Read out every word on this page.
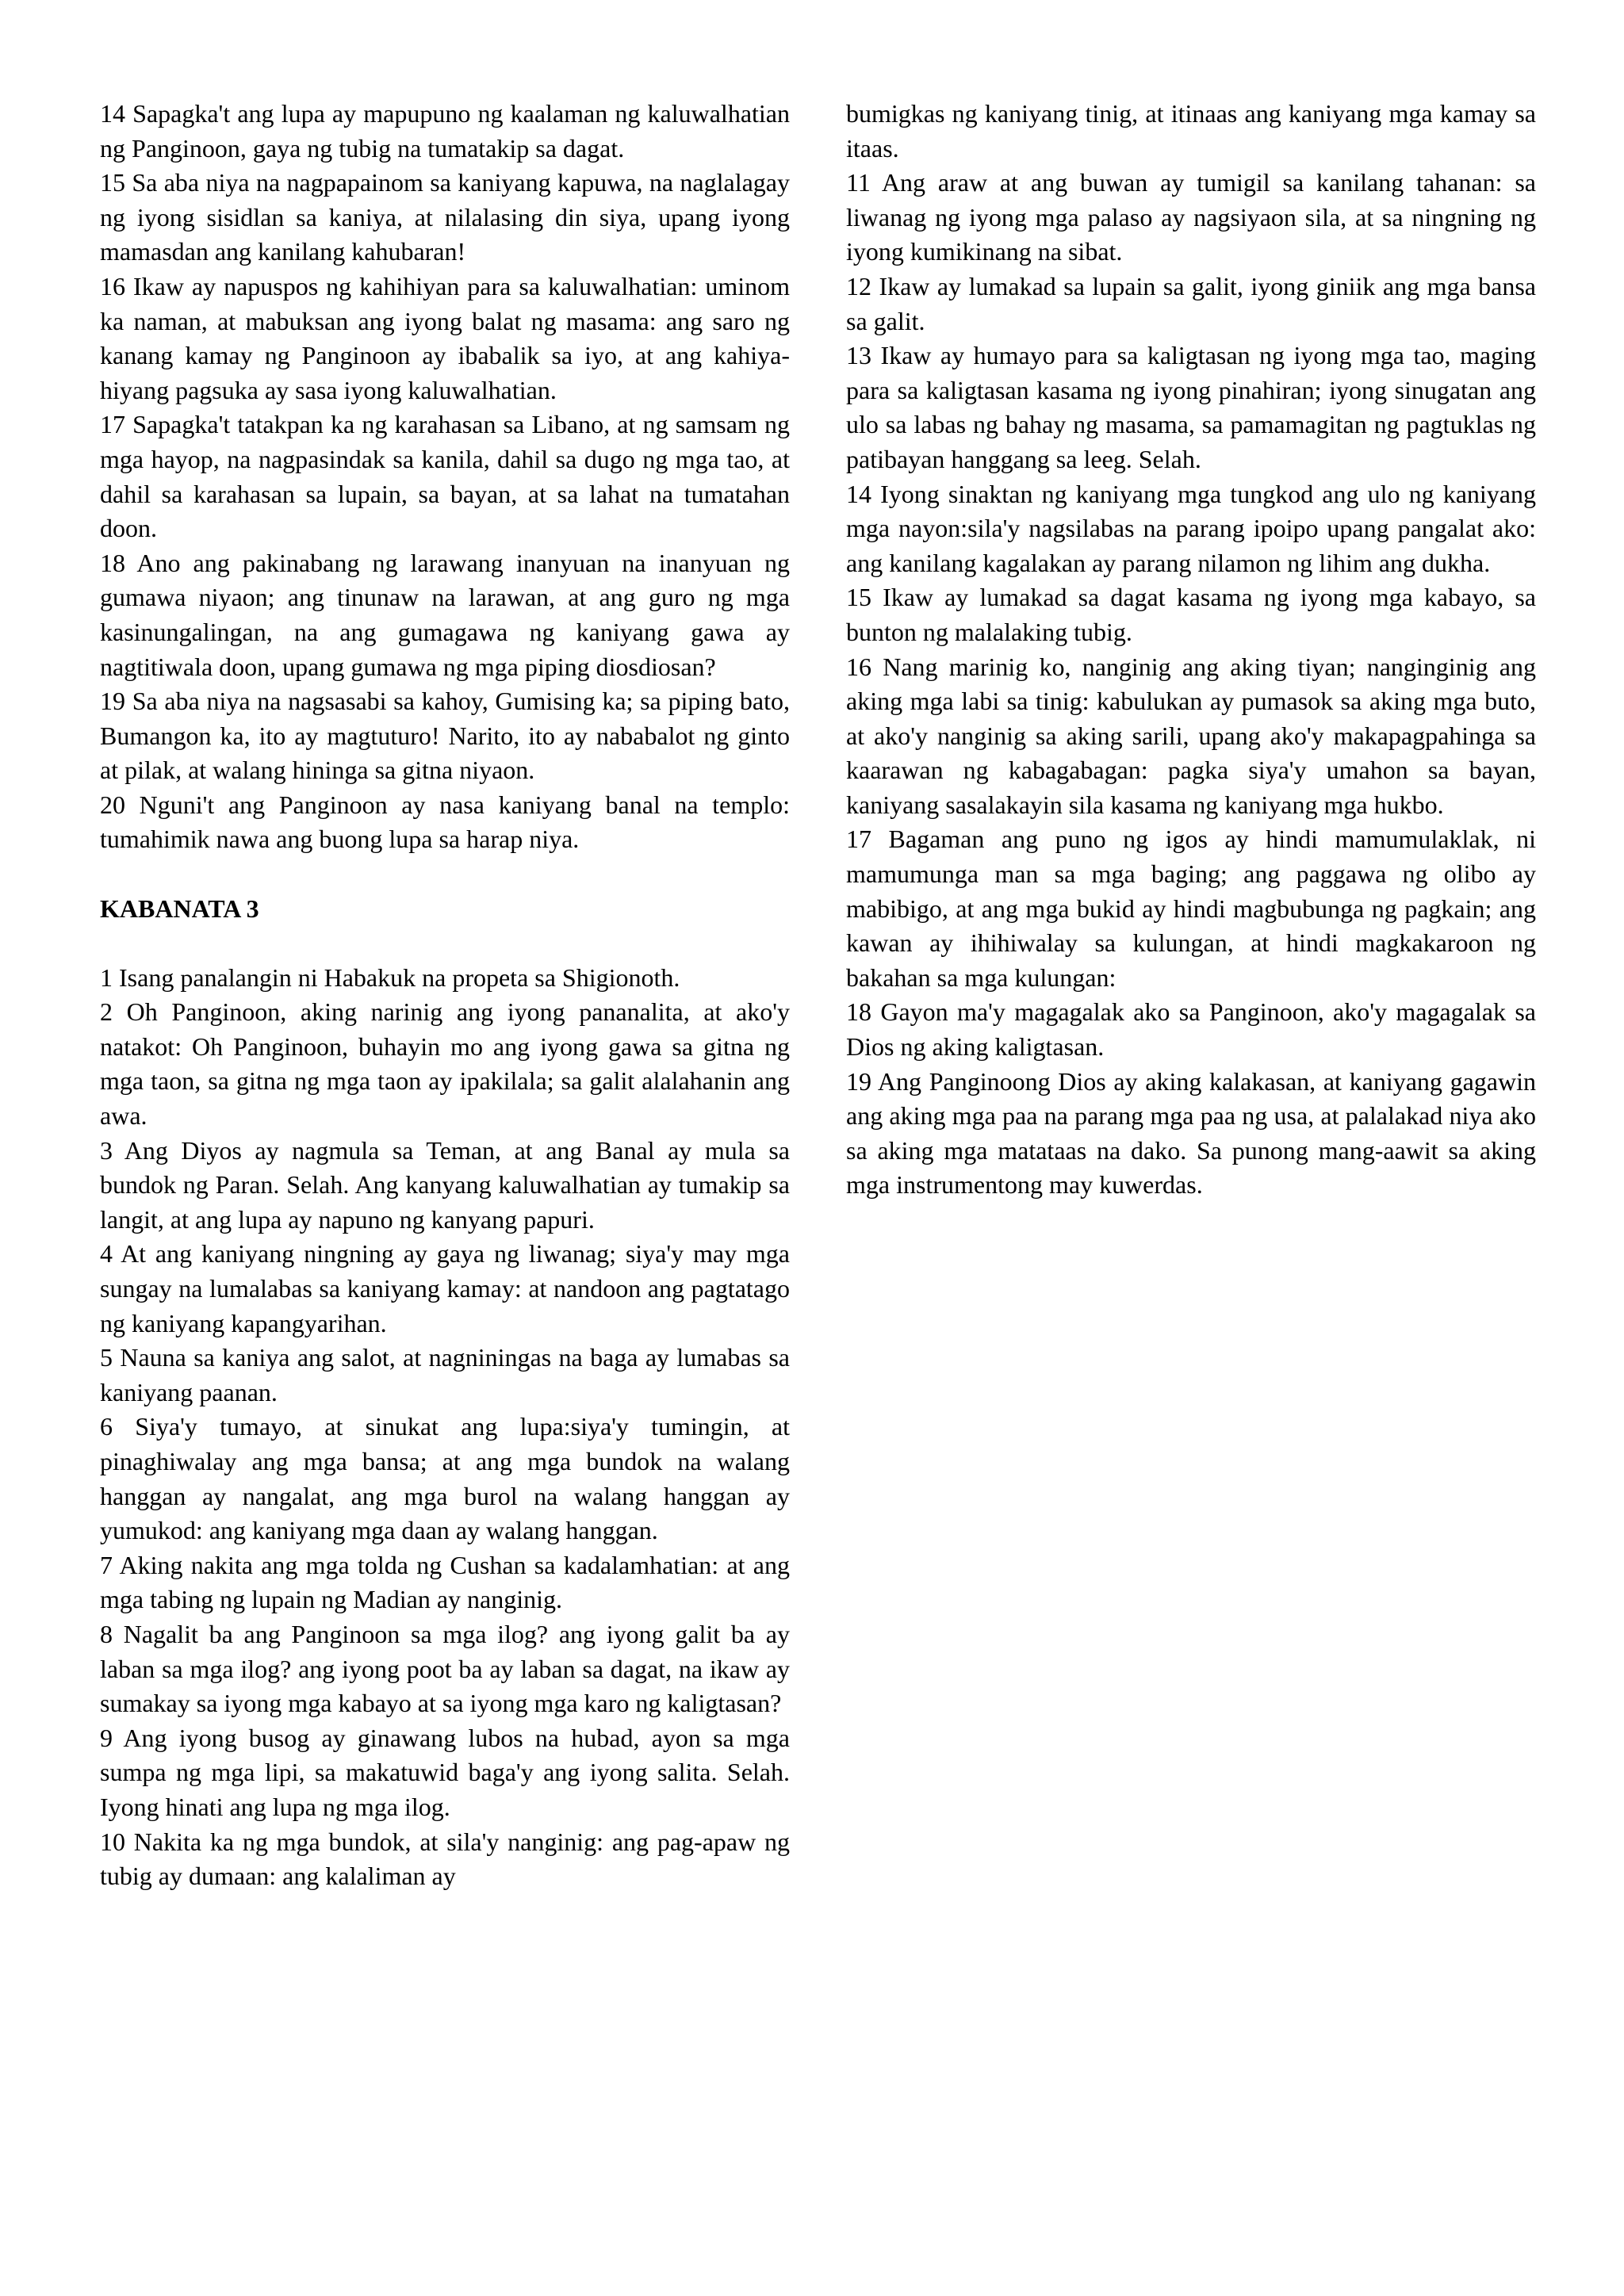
14 Sapagka't ang lupa ay mapupuno ng kaalaman ng kaluwalhatian ng Panginoon, gaya ng tubig na tumatakip sa dagat.

15 Sa aba niya na nagpapainom sa kaniyang kapuwa, na naglalagay ng iyong sisidlan sa kaniya, at nilalasing din siya, upang iyong mamasdan ang kanilang kahubaran!

16 Ikaw ay napuspos ng kahihiyan para sa kaluwalhatian: uminom ka naman, at mabuksan ang iyong balat ng masama: ang saro ng kanang kamay ng Panginoon ay ibabalik sa iyo, at ang kahiya-hiyang pagsuka ay sasa iyong kaluwalhatian.

17 Sapagka't tatakpan ka ng karahasan sa Libano, at ng samsam ng mga hayop, na nagpasindak sa kanila, dahil sa dugo ng mga tao, at dahil sa karahasan sa lupain, sa bayan, at sa lahat na tumatahan doon.

18 Ano ang pakinabang ng larawang inanyuan na inanyuan ng gumawa niyaon; ang tinunaw na larawan, at ang guro ng mga kasinungalingan, na ang gumagawa ng kaniyang gawa ay nagtitiwala doon, upang gumawa ng mga piping diosdiosan?

19 Sa aba niya na nagsasabi sa kahoy, Gumising ka; sa piping bato, Bumangon ka, ito ay magtuturo! Narito, ito ay nababalot ng ginto at pilak, at walang hininga sa gitna niyaon.

20 Nguni't ang Panginoon ay nasa kaniyang banal na templo: tumahimik nawa ang buong lupa sa harap niya.

KABANATA 3

1 Isang panalangin ni Habakuk na propeta sa Shigionoth.

2 Oh Panginoon, aking narinig ang iyong pananalita, at ako'y natakot: Oh Panginoon, buhayin mo ang iyong gawa sa gitna ng mga taon, sa gitna ng mga taon ay ipakilala; sa galit alalahanin ang awa.

3 Ang Diyos ay nagmula sa Teman, at ang Banal ay mula sa bundok ng Paran. Selah. Ang kanyang kaluwalhatian ay tumakip sa langit, at ang lupa ay napuno ng kanyang papuri.

4 At ang kaniyang ningning ay gaya ng liwanag; siya'y may mga sungay na lumalabas sa kaniyang kamay: at nandoon ang pagtatago ng kaniyang kapangyarihan.

5 Nauna sa kaniya ang salot, at nagniningas na baga ay lumabas sa kaniyang paanan.

6 Siya'y tumayo, at sinukat ang lupa:siya'y tumingin, at pinaghiwalay ang mga bansa; at ang mga bundok na walang hanggan ay nangalat, ang mga burol na walang hanggan ay yumukod: ang kaniyang mga daan ay walang hanggan.

7 Aking nakita ang mga tolda ng Cushan sa kadalamhatian: at ang mga tabing ng lupain ng Madian ay nanginig.

8 Nagalit ba ang Panginoon sa mga ilog? ang iyong galit ba ay laban sa mga ilog? ang iyong poot ba ay laban sa dagat, na ikaw ay sumakay sa iyong mga kabayo at sa iyong mga karo ng kaligtasan?

9 Ang iyong busog ay ginawang lubos na hubad, ayon sa mga sumpa ng mga lipi, sa makatuwid baga'y ang iyong salita. Selah. Iyong hinati ang lupa ng mga ilog.

10 Nakita ka ng mga bundok, at sila'y nanginig: ang pag-apaw ng tubig ay dumaan: ang kalaliman ay

bumigkas ng kaniyang tinig, at itinaas ang kaniyang mga kamay sa itaas.

11 Ang araw at ang buwan ay tumigil sa kanilang tahanan: sa liwanag ng iyong mga palaso ay nagsiyaon sila, at sa ningning ng iyong kumikinang na sibat.

12 Ikaw ay lumakad sa lupain sa galit, iyong giniik ang mga bansa sa galit.

13 Ikaw ay humayo para sa kaligtasan ng iyong mga tao, maging para sa kaligtasan kasama ng iyong pinahiran; iyong sinugatan ang ulo sa labas ng bahay ng masama, sa pamamagitan ng pagtuklas ng patibayan hanggang sa leeg. Selah.

14 Iyong sinaktan ng kaniyang mga tungkod ang ulo ng kaniyang mga nayon:sila'y nagsilabas na parang ipoipo upang pangalat ako: ang kanilang kagalakan ay parang nilamon ng lihim ang dukha.

15 Ikaw ay lumakad sa dagat kasama ng iyong mga kabayo, sa bunton ng malalaking tubig.

16 Nang marinig ko, nanginig ang aking tiyan; nanginginig ang aking mga labi sa tinig: kabulukan ay pumasok sa aking mga buto, at ako'y nanginig sa aking sarili, upang ako'y makapagpahinga sa kaarawan ng kabagabagan: pagka siya'y umahon sa bayan, kaniyang sasalakayin sila kasama ng kaniyang mga hukbo.

17 Bagaman ang puno ng igos ay hindi mamumulaklak, ni mamumunga man sa mga baging; ang paggawa ng olibo ay mabibigo, at ang mga bukid ay hindi magbubunga ng pagkain; ang kawan ay ihihiwalay sa kulungan, at hindi magkakaroon ng bakahan sa mga kulungan:

18 Gayon ma'y magagalak ako sa Panginoon, ako'y magagalak sa Dios ng aking kaligtasan.

19 Ang Panginoong Dios ay aking kalakasan, at kaniyang gagawin ang aking mga paa na parang mga paa ng usa, at palalakad niya ako sa aking mga matataas na dako. Sa punong mang-aawit sa aking mga instrumentong may kuwerdas.
